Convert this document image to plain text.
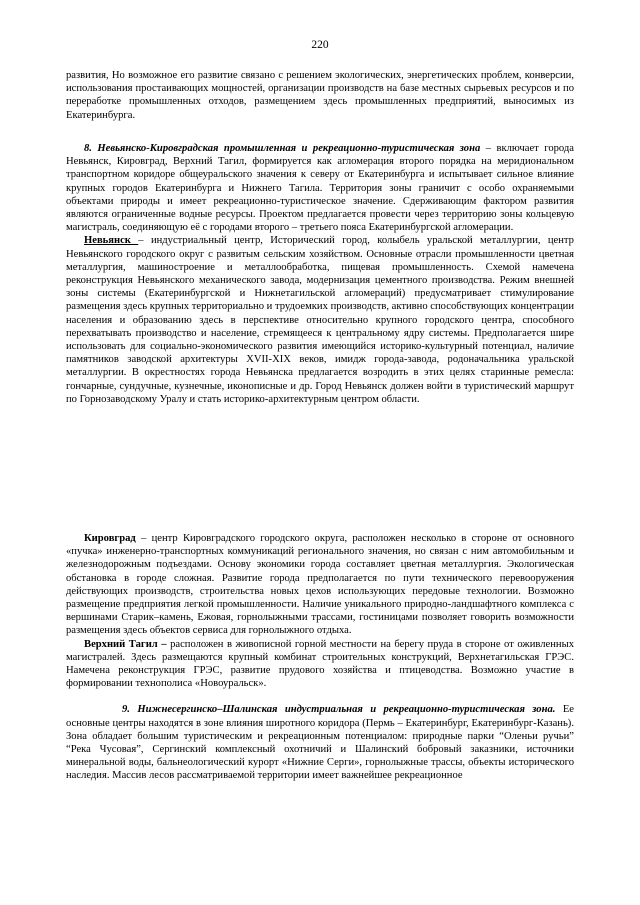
220

развития, Но возможное его развитие связано с решением экологических, энергетических проблем, конверсии, использования простаивающих мощностей, организации производств на базе местных сырьевых ресурсов и по переработке промышленных отходов, размещением здесь промышленных предприятий, выносимых из Екатеринбурга.

8. Невьянско-Кировградская промышленная и рекреационно-туристическая зона – включает города Невьянск, Кировград, Верхний Тагил, формируется как агломерация второго порядка на меридиональном транспортном коридоре общеуральского значения к северу от Екатеринбурга и испытывает сильное влияние крупных городов Екатеринбурга и Нижнего Тагила. Территория зоны граничит с особо охраняемыми объектами природы и имеет рекреационно-туристическое значение. Сдерживающим фактором развития являются ограниченные водные ресурсы. Проектом предлагается провести через территорию зоны кольцевую магистраль, соединяющую её с городами второго – третьего пояса Екатеринбургской агломерации.

Невьянск – индустриальный центр, Исторический город, колыбель уральской металлургии, центр Невьянского городского округ с развитым сельским хозяйством. Основные отрасли промышленности цветная металлургия, машиностроение и металлообработка, пищевая промышленность. Схемой намечена реконструкция Невьянского механического завода, модернизация цементного производства. Режим внешней зоны системы (Екатеринбургской и Нижнетагильской агломераций) предусматривает стимулирование размещения здесь крупных территориально и трудоемких производств, активно способствующих концентрации населения и образованию здесь в перспективе относительно крупного городского центра, способного перехватывать производство и население, стремящееся к центральному ядру системы. Предполагается шире использовать для социально-экономического развития имеющийся историко-культурный потенциал, наличие памятников заводской архитектуры XVII-XIX веков, имидж города-завода, родоначальника уральской металлургии. В окрестностях города Невьянска предлагается возродить в этих целях старинные ремесла: гончарные, сундучные, кузнечные, иконописные и др. Город Невьянск должен войти в туристический маршрут по Горнозаводскому Уралу и стать историко-архитектурным центром области.

Кировград – центр Кировградского городского округа, расположен несколько в стороне от основного «пучка» инженерно-транспортных коммуникаций регионального значения, но связан с ним автомобильным и железнодорожным подъездами. Основу экономики города составляет цветная металлургия. Экологическая обстановка в городе сложная. Развитие города предполагается по пути технического перевооружения действующих производств, строительства новых цехов использующих передовые технологии. Возможно размещение предприятия легкой промышленности. Наличие уникального природно-ландшафтного комплекса с вершинами Старик–камень, Ежовая, горнолыжными трассами, гостиницами позволяет говорить возможности размещения здесь объектов сервиса для горнолыжного отдыха.

Верхний Тагил – расположен в живописной горной местности на берегу пруда в стороне от оживленных магистралей. Здесь размещаются крупный комбинат строительных конструкций, Верхнетагильская ГРЭС. Намечена реконструкция ГРЭС, развитие прудового хозяйства и птицеводства. Возможно участие в формировании технополиса «Новоуральск».

9. Нижнесергинско–Шалинская индустриальная и рекреационно-туристическая зона. Ее основные центры находятся в зоне влияния широтного коридора (Пермь – Екатеринбург, Екатеринбург-Казань). Зона обладает большим туристическим и рекреационным потенциалом: природные парки “Оленьи ручьи” “Река Чусовая”, Сергинский комплексный охотничий и Шалинский бобровый заказники, источники минеральной воды, бальнеологический курорт «Нижние Серги», горнолыжные трассы, объекты исторического наследия. Массив лесов рассматриваемой территории имеет важнейшее рекреационное
